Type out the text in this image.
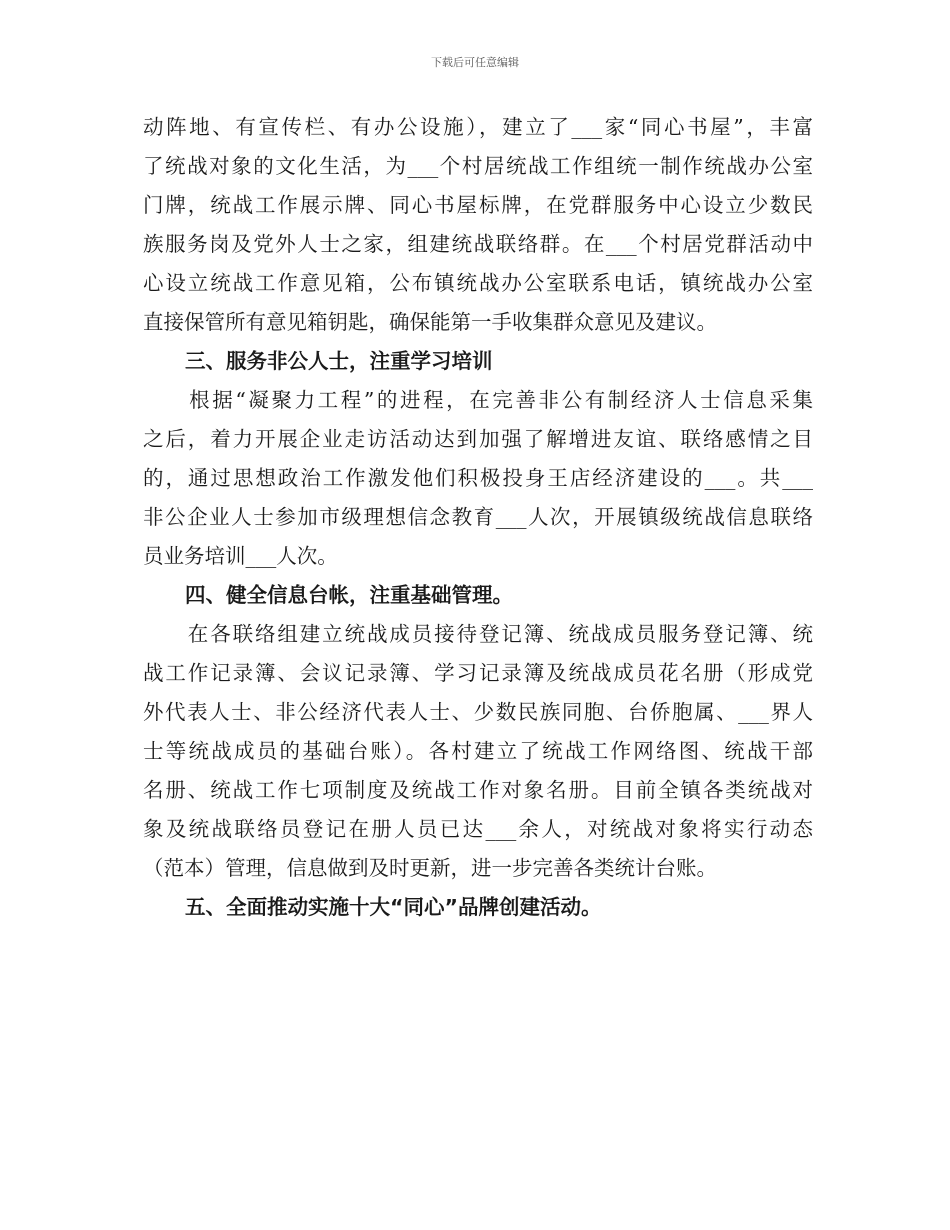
下载后可任意编辑
动阵地、有宣传栏、有办公设施），建立了___家“同心书屋”，丰富
了统战对象的文化生活，为___个村居统战工作组统一制作统战办公室
门牌，统战工作展示牌、同心书屋标牌，在党群服务中心设立少数民
族服务岗及党外人士之家，组建统战联络群。在___个村居党群活动中
心设立统战工作意见箱，公布镇统战办公室联系电话，镇统战办公室
直接保管所有意见箱钥匙，确保能第一手收集群众意见及建议。
三、服务非公人士，注重学习培训
　　根据“凝聚力工程”的进程，在完善非公有制经济人士信息采集
之后，着力开展企业走访活动达到加强了解增进友谊、联络感情之目
的，通过思想政治工作激发他们积极投身王店经济建设的___。共___
非公企业人士参加市级理想信念教育___人次，开展镇级统战信息联络
员业务培训___人次。
四、健全信息台帐，注重基础管理。
　　在各联络组建立统战成员接待登记簿、统战成员服务登记簿、统
战工作记录簿、会议记录簿、学习记录簿及统战成员花名册（形成党
外代表人士、非公经济代表人士、少数民族同胞、台侨胞属、___界人
士等统战成员的基础台账）。各村建立了统战工作网络图、统战干部
名册、统战工作七项制度及统战工作对象名册。目前全镇各类统战对
象及统战联络员登记在册人员已达___余人，对统战对象将实行动态
（范本）管理，信息做到及时更新，进一步完善各类统计台账。
五、全面推动实施十大“同心”品牌创建活动。
